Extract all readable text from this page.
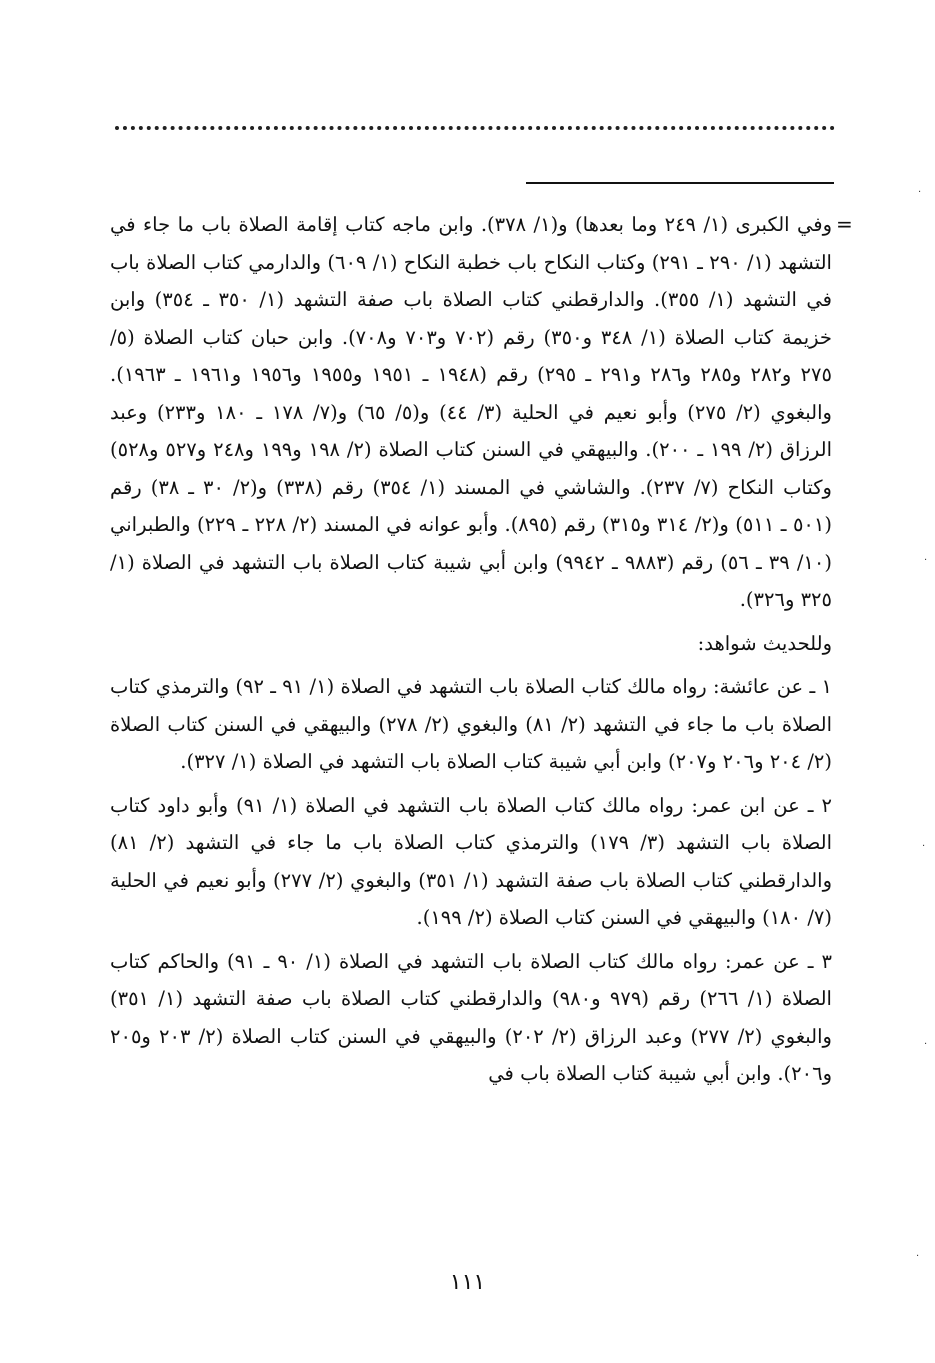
=

وفي الكبرى (١/ ٢٤٩ وما بعدها) و(١/ ٣٧٨). وابن ماجه كتاب إقامة الصلاة باب ما جاء في التشهد (١/ ٢٩٠ ـ ٢٩١) وكتاب النكاح باب خطبة النكاح (١/ ٦٠٩) والدارمي كتاب الصلاة باب في التشهد (١/ ٣٥٥). والدارقطني كتاب الصلاة باب صفة التشهد (١/ ٣٥٠ ـ ٣٥٤) وابن خزيمة كتاب الصلاة (١/ ٣٤٨ و٣٥٠) رقم (٧٠٢ و٧٠٣ و٧٠٨). وابن حبان كتاب الصلاة (٥/ ٢٧٥ و٢٨٢ و٢٨٥ و٢٨٦ و٢٩١ ـ ٢٩٥) رقم (١٩٤٨ ـ ١٩٥١ و١٩٥٥ و١٩٥٦ و١٩٦١ ـ ١٩٦٣). والبغوي (٢/ ٢٧٥) وأبو نعيم في الحلية (٣/ ٤٤) و(٥/ ٦٥) و(٧/ ١٧٨ ـ ١٨٠ و٢٣٣) وعبد الرزاق (٢/ ١٩٩ ـ ٢٠٠). والبيهقي في السنن كتاب الصلاة (٢/ ١٩٨ و١٩٩ و٢٤٨ و٥٢٧ و٥٢٨) وكتاب النكاح (٧/ ٢٣٧). والشاشي في المسند (١/ ٣٥٤) رقم (٣٣٨) و(٢/ ٣٠ ـ ٣٨) رقم (٥٠١ ـ ٥١١) و(٢/ ٣١٤ و٣١٥) رقم (٨٩٥). وأبو عوانه في المسند (٢/ ٢٢٨ ـ ٢٢٩) والطبراني (١٠/ ٣٩ ـ ٥٦) رقم (٩٨٨٣ ـ ٩٩٤٢) وابن أبي شيبة كتاب الصلاة باب التشهد في الصلاة (١/ ٣٢٥ و٣٢٦).

وللحديث شواهد:

١ ـ عن عائشة: رواه مالك كتاب الصلاة باب التشهد في الصلاة (١/ ٩١ ـ ٩٢) والترمذي كتاب الصلاة باب ما جاء في التشهد (٢/ ٨١) والبغوي (٢/ ٢٧٨) والبيهقي في السنن كتاب الصلاة (٢/ ٢٠٤ و٢٠٦ و٢٠٧) وابن أبي شيبة كتاب الصلاة باب التشهد في الصلاة (١/ ٣٢٧).

٢ ـ عن ابن عمر: رواه مالك كتاب الصلاة باب التشهد في الصلاة (١/ ٩١) وأبو داود كتاب الصلاة باب التشهد (٣/ ١٧٩) والترمذي كتاب الصلاة باب ما جاء في التشهد (٢/ ٨١) والدارقطني كتاب الصلاة باب صفة التشهد (١/ ٣٥١) والبغوي (٢/ ٢٧٧) وأبو نعيم في الحلية (٧/ ١٨٠) والبيهقي في السنن كتاب الصلاة (٢/ ١٩٩).

٣ ـ عن عمر: رواه مالك كتاب الصلاة باب التشهد في الصلاة (١/ ٩٠ ـ ٩١) والحاكم كتاب الصلاة (١/ ٢٦٦) رقم (٩٧٩ و٩٨٠) والدارقطني كتاب الصلاة باب صفة التشهد (١/ ٣٥١) والبغوي (٢/ ٢٧٧) وعبد الرزاق (٢/ ٢٠٢) والبيهقي في السنن كتاب الصلاة (٢/ ٢٠٣ و٢٠٥ و٢٠٦). وابن أبي شيبة كتاب الصلاة باب في

١١١
·
·
·
·
·
